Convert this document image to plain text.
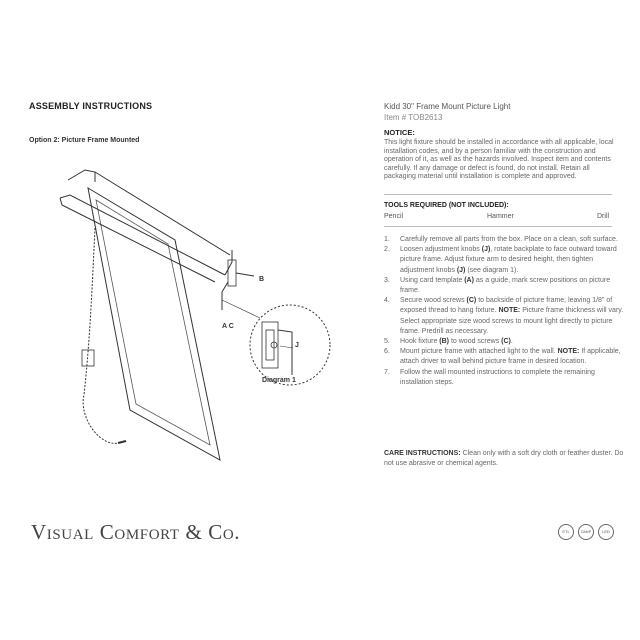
ASSEMBLY INSTRUCTIONS
Option 2: Picture Frame Mounted
B
A C
J
Diagram 1
Kidd 30" Frame Mount Picture Light
Item # TOB2613
NOTICE:
This light fixture should be installed in accordance with all applicable, local installation codes, and by a person familiar with the construction and operation of it, as well as the hazards involved. Inspect item and contents carefully. If any damage or defect is found, do not install. Retain all packaging material until installation is complete and approved.
TOOLS REQUIRED (NOT INCLUDED):
Pencil	Hammer	Drill
1.	Carefully remove all parts from the box. Place on a clean, soft surface.
2.	Loosen adjustment knobs (J), rotate backplate to face outward toward picture frame. Adjust fixture arm to desired height, then tighten adjustment knobs (J) (see diagram 1).
3.	Using card template (A) as a guide, mark screw positions on picture frame.
4.	Secure wood screws (C) to backside of picture frame, leaving 1/8" of exposed thread to hang fixture. NOTE: Picture frame thickness will vary. Select appropriate size wood screws to mount light directly to picture frame. Predrill as necessary.
5.	Hook fixture (B) to wood screws (C).
6.	Mount picture frame with attached light to the wall. NOTE: If applicable, attach driver to wall behind picture frame in desired location.
7.	Follow the wall mounted instructions to complete the remaining installation steps.
CARE INSTRUCTIONS: Clean only with a soft dry cloth or feather duster. Do not use abrasive or chemical agents.
Visual Comfort & Co.	ETL	DAMP	LED
